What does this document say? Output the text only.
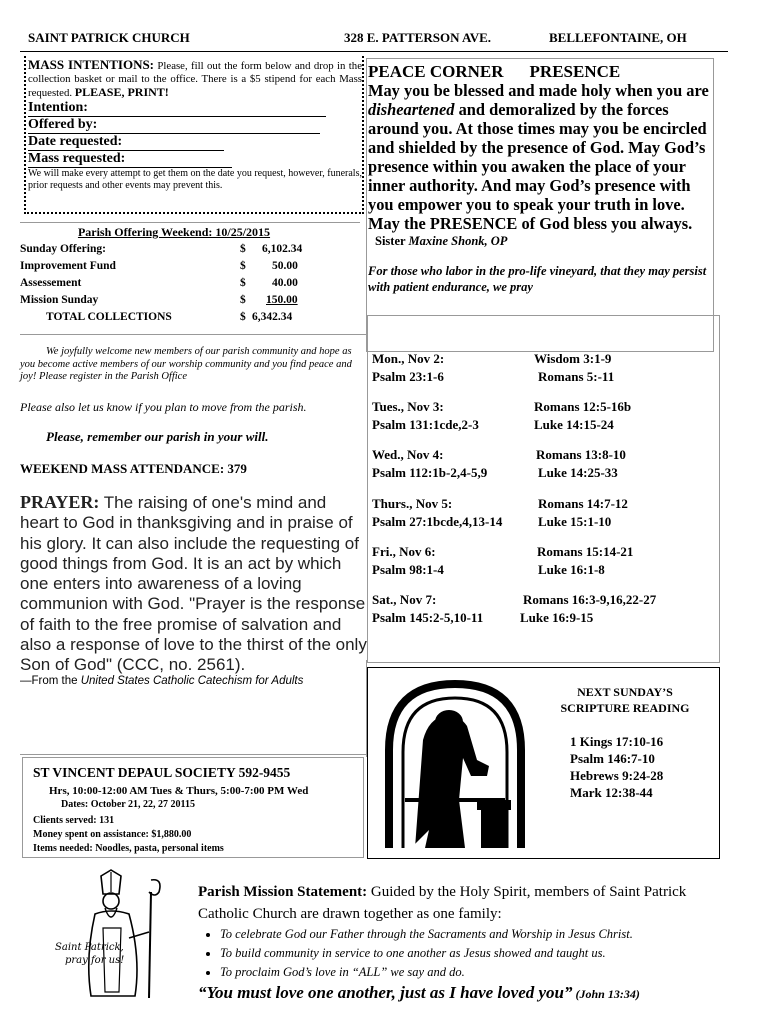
SAINT PATRICK CHURCH	328 E. PATTERSON AVE.	BELLEFONTAINE, OH
MASS INTENTIONS: Please, fill out the form below and drop in the collection basket or mail to the office. There is a $5 stipend for each Mass requested. PLEASE, PRINT!
Intention:
Offered by:
Date requested:
Mass requested:
We will make every attempt to get them on the date you request, however, funerals, prior requests and other events may prevent this.
PEACE CORNER PRESENCE
May you be blessed and made holy when you are disheartened and demoralized by the forces around you. At those times may you be encircled and shielded by the presence of God. May God’s presence within you awaken the place of your inner authority. And may God’s presence with you empower you to speak your truth in love. May the PRESENCE of God bless you always.
Sister Maxine Shonk, OP
For those who labor in the pro-life vineyard, that they may persist with patient endurance, we pray
Parish Offering Weekend: 10/25/2015
Sunday Offering:	$ 6,102.34
Improvement Fund	$ 50.00
Assessement	$ 40.00
Mission Sunday	$ 150.00
TOTAL COLLECTIONS	$ 6,342.34
We joyfully welcome new members of our parish community and hope as you become active members of our worship community and you find peace and joy! Please register in the Parish Office
Please also let us know if you plan to move from the parish.
Please, remember our parish in your will.
WEEKEND MASS ATTENDANCE: 379
PRAYER: The raising of one's mind and heart to God in thanksgiving and in praise of his glory. It can also include the requesting of good things from God. It is an act by which one enters into awareness of a loving communion with God. "Prayer is the response of faith to the free promise of salvation and also a response of love to the thirst of the only Son of God" (CCC, no. 2561).
—From the United States Catholic Catechism for Adults
Mon., Nov 2:	Wisdom 3:1-9

Psalm 23:1-6	Romans 5:-11
Tues., Nov 3:	Romans 12:5-16b

Psalm 131:1cde,2-3	Luke 14:15-24
Wed., Nov 4:	Romans 13:8-10

Psalm 112:1b-2,4-5,9	Luke 14:25-33
Thurs., Nov 5:	Romans 14:7-12

Psalm 27:1bcde,4,13-14	Luke 15:1-10
Fri., Nov 6:	Romans 15:14-21

Psalm 98:1-4	Luke 16:1-8
Sat., Nov 7:	Romans 16:3-9,16,22-27

Psalm 145:2-5,10-11	Luke 16:9-15
NEXT SUNDAY’S
SCRIPTURE READING
1 Kings 17:10-16
Psalm 146:7-10
Hebrews 9:24-28
Mark 12:38-44
ST VINCENT DEPAUL SOCIETY 592-9455
Hrs, 10:00-12:00 AM Tues & Thurs, 5:00-7:00 PM Wed
Dates: October 21, 22, 27 20115
Clients served: 131
Money spent on assistance: $1,880.00
Items needed: Noodles, pasta, personal items
Saint Patrick,
pray for us!
Parish Mission Statement: Guided by the Holy Spirit, members of Saint Patrick Catholic Church are drawn together as one family:
• To celebrate God our Father through the Sacraments and Worship in Jesus Christ.
• To build community in service to one another as Jesus showed and taught us.
• To proclaim God’s love in “ALL” we say and do.
“You must love one another, just as I have loved you” (John 13:34)
